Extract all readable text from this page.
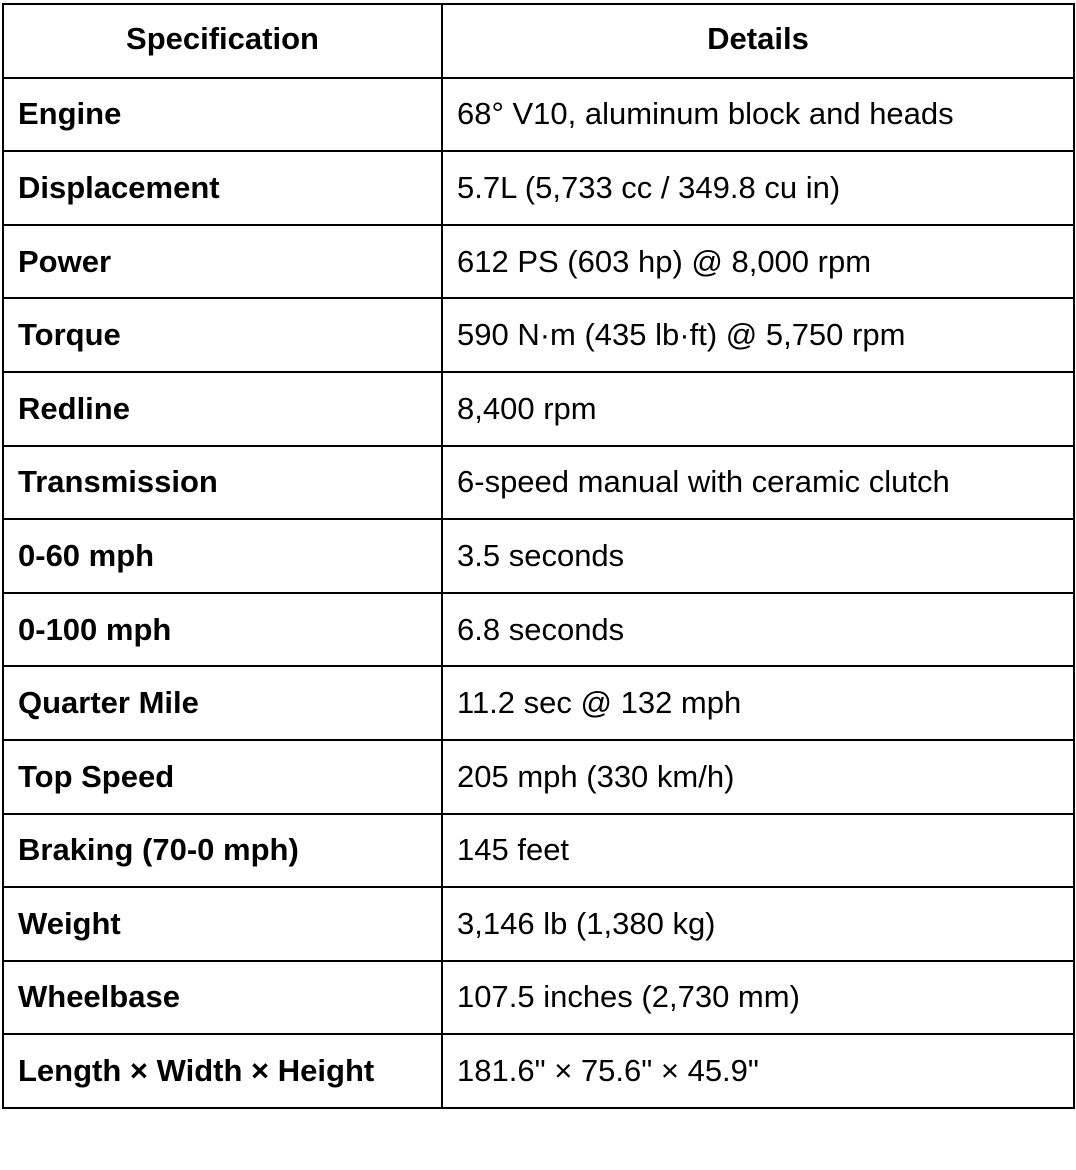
Specification	Details
Engine	68° V10, aluminum block and heads
Displacement	5.7L (5,733 cc / 349.8 cu in)
Power	612 PS (603 hp) @ 8,000 rpm
Torque	590 N·m (435 lb·ft) @ 5,750 rpm
Redline	8,400 rpm
Transmission	6-speed manual with ceramic clutch
0-60 mph	3.5 seconds
0-100 mph	6.8 seconds
Quarter Mile	11.2 sec @ 132 mph
Top Speed	205 mph (330 km/h)
Braking (70-0 mph)	145 feet
Weight	3,146 lb (1,380 kg)
Wheelbase	107.5 inches (2,730 mm)
Length × Width × Height	181.6" × 75.6" × 45.9"
